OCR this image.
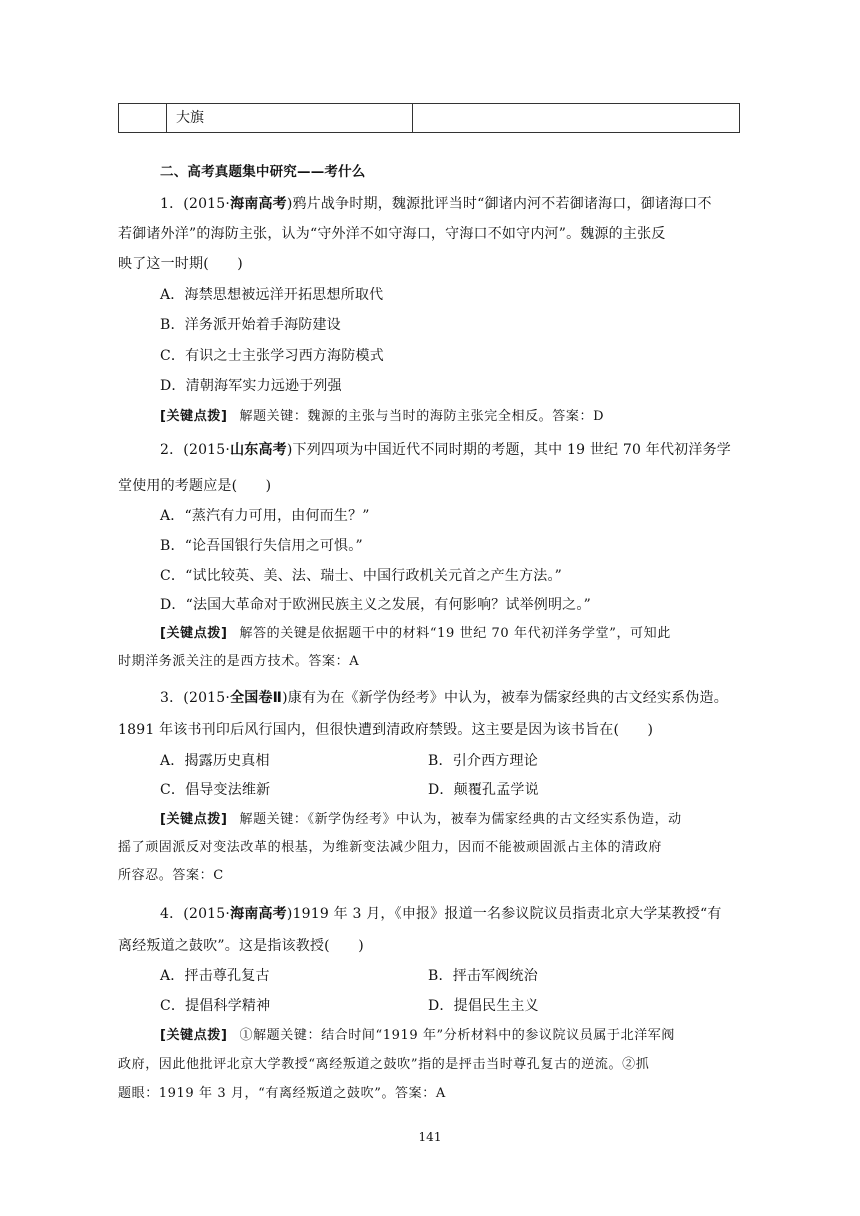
大旗
二、高考真题集中研究——考什么
1．(2015·海南高考)鸦片战争时期，魏源批评当时“御诸内河不若御诸海口，御诸海口不
若御诸外洋”的海防主张，认为“守外洋不如守海口，守海口不如守内河”。魏源的主张反
映了这一时期(　　)
A．海禁思想被远洋开拓思想所取代
B．洋务派开始着手海防建设
C．有识之士主张学习西方海防模式
D．清朝海军实力远逊于列强
[关键点拨] 解题关键：魏源的主张与当时的海防主张完全相反。答案：D
2．(2015·山东高考)下列四项为中国近代不同时期的考题，其中 19 世纪 70 年代初洋务学
堂使用的考题应是(　　)
A．“蒸汽有力可用，由何而生？”
B．“论吾国银行失信用之可惧。”
C．“试比较英、美、法、瑞士、中国行政机关元首之产生方法。”
D．“法国大革命对于欧洲民族主义之发展，有何影响？试举例明之。”
[关键点拨] 解答的关键是依据题干中的材料“19 世纪 70 年代初洋务学堂”，可知此
时期洋务派关注的是西方技术。答案：A
3．(2015·全国卷Ⅱ)康有为在《新学伪经考》中认为，被奉为儒家经典的古文经实系伪造。
1891 年该书刊印后风行国内，但很快遭到清政府禁毁。这主要是因为该书旨在(　　)
A．揭露历史真相	B．引介西方理论
C．倡导变法维新	D．颠覆孔孟学说
[关键点拨] 解题关键：《新学伪经考》中认为，被奉为儒家经典的古文经实系伪造，动
摇了顽固派反对变法改革的根基，为维新变法减少阻力，因而不能被顽固派占主体的清政府
所容忍。答案：C
4．(2015·海南高考)1919 年 3 月，《申报》报道一名参议院议员指责北京大学某教授“有
离经叛道之鼓吹”。这是指该教授(　　)
A．抨击尊孔复古	B．抨击军阀统治
C．提倡科学精神	D．提倡民生主义
[关键点拨] ①解题关键：结合时间“1919 年”分析材料中的参议院议员属于北洋军阀
政府，因此他批评北京大学教授“离经叛道之鼓吹”指的是抨击当时尊孔复古的逆流。②抓
题眼：1919 年 3 月，“有离经叛道之鼓吹”。答案：A
141
